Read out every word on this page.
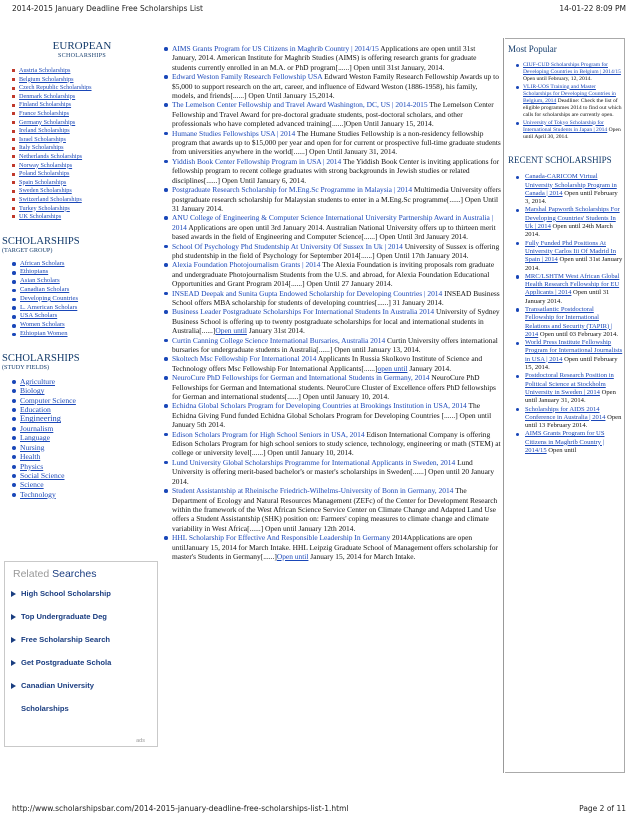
2014-2015 January Deadline Free Scholarships List	14-01-22 8:09 PM
EUROPEAN
SCHOLARSHIPS
Austria Scholarships
Belgium Scholarships
Czech Republic Scholarships
Denmark Scholarships
Finland Scholarships
France Scholarships
Germany Scholarships
Ireland Scholarships
Israel Scholarships
Italy Scholarships
Netherlands Scholarships
Norway Scholarships
Poland Scholarships
Spain Scholarships
Sweden Scholarships
Switzerland Scholarships
Turkey Scholarships
UK Scholarships
SCHOLARSHIPS
(TARGET GROUP)
African Scholars
Ethiopians
Asian Scholars
Canadian Scholars
Developing Countries
L. American Scholars
USA Scholars
Women Scholars
Ethiopian Women
SCHOLARSHIPS
(STUDY FIELDS)
Agriculture
Biology
Computer Science
Education
Engineering
Journalism
Language
Nursing
Health
Physics
Social Science
Science
Technology
Related Searches
High School Scholarship
Top Undergraduate Deg
Free Scholarship Search
Get Postgraduate Schola
Canadian University
Scholarships
ads
AIMS Grants Program for US Citizens in Maghrib Country | 2014/15 Applications are open until 31st January, 2014. American Institute for Maghrib Studies (AIMS) is offering research grants for graduate students currently enrolled in an M.A. or PhD program[......] Open until 31st January, 2014.
Edward Weston Family Research Fellowship USA Edward Weston Family Research Fellowship Awards up to $5,000 to support research on the art, career, and influence of Edward Weston (1886-1958), his family, models, and friends[......] Open Until January 15,2014.
The Lemelson Center Fellowship and Travel Award Washington, DC, US | 2014-2015 The Lemelson Center Fellowship and Travel Award for pre-doctoral graduate students, post-doctoral scholars, and other professionals who have completed advanced training[......]Open Until January 15, 2014.
Humane Studies Fellowships USA | 2014 The Humane Studies Fellowship is a non-residency fellowship program that awards up to $15,000 per year and open for for current or prospective full-time graduate students from universities anywhere in the world[......] Open Until January 31, 2014.
Yiddish Book Center Fellowship Program in USA | 2014 The Yiddish Book Center is inviting applications for fellowship program to recent college graduates with strong backgrounds in Jewish studies or related disciplines[......] Open Until January 6, 2014.
Postgraduate Research Scholarship for M.Eng.Sc Programme in Malaysia | 2014 Multimedia University offers postgraduate research scholarship for Malaysian students to enter in a M.Eng.Sc programme[......] Open Until 31 January 2014.
ANU College of Engineering & Computer Science International University Partnership Award in Australia | 2014 Applications are open until 3rd January 2014. Australian National University offers up to thirteen merit based awards in the field of Engineering and Computer Science[......] Open Until 3rd January 2014.
School Of Psychology Phd Studentship At University Of Sussex In Uk | 2014 University of Sussex is offering phd studentship in the field of Psychology for September 2014[......] Open Until 17th January 2014.
Alexia Foundation Photojournalism Grants | 2014 The Alexia Foundation is inviting proposals rom graduate and undergraduate Photojournalism Students from the U.S. and abroad, for Alexia Foundation Educational Opportunities and Grant Program 2014[......] Open Until 27 January 2014.
INSEAD Deepak and Sunita Gupta Endowed Scholarship for Developing Countries | 2014 INSEAD Business School offers MBA scholarship for students of developing countries[......] 31 January 2014.
Business Leader Postgraduate Scholarships For International Students In Australia 2014 University of Sydney Business School is offering up to twenty postgraduate scholarships for local and international students in Australia[......]Open until January 31st 2014.
Curtin Canning College Science International Bursaries, Australia 2014 Curtin University offers international bursaries for undergraduate students in Australia[......] Open until January 13, 2014.
Skoltech Msc Fellowship For International 2014 Applicants In Russia Skolkovo Institute of Science and Technology offers Msc Fellowship For International Applicants[......]open until January 2014.
NeuroCure PhD Fellowships for German and International Students in Germany, 2014 NeuroCure PhD Fellowships for German and International students. NeuroCure Cluster of Excellence offers PhD fellowships for German and international students[......] Open until January 10, 2014.
Echidna Global Scholars Program for Developing Countries at Brookings Institution in USA, 2014 The Echidna Giving Fund funded Echidna Global Scholars Program for Developing Countries [......] Open until January 5th 2014.
Edison Scholars Program for High School Seniors in USA, 2014 Edison International Company is offering Edison Scholars Program for high school seniors to study science, technology, engineering or math (STEM) at college or university level[......] Open until January 10, 2014.
Lund University Global Scholarships Programme for International Applicants in Sweden, 2014 Lund University is offering merit-based bachelor's or master's scholarships in Sweden[......] Open until 20 January 2014.
Student Assistantship at Rheinische Friedrich-Wilhelms-University of Bonn in Germany, 2014 The Department of Ecology and Natural Resources Management (ZEFc) of the Center for Development Research within the framework of the West African Science Service Center on Climate Change and Adapted Land Use offers a Student Assistantship (SHK) position on: Farmers' coping measures to climate change and climate variability in West Africa[......] Open until January 12th 2014.
HHL Scholarship For Effective And Responsible Leadership In Germany 2014Applications are open untilJanuary 15, 2014 for March Intake. HHL Leipzig Graduate School of Management offers scholarship for master's Students in Germany[......]Open until January 15, 2014 for March Intake.
Most Popular
CIUF-CUD Scholarships Program for Developing Countries in Belgium | 2014/15 Open until February, 12, 2014.
VLIR-UOS Training and Master Scholarships for Developing Countries in Belgium, 2014 Deadline: Check the list of eligible programmes 2014 to find out which calls for scholarships are currently open.
University of Tokyo Scholarship for International Students in Japan | 2014 Open until April 30, 2014.
RECENT SCHOLARSHIPS
Canada-CARICOM Virtual University Scholarship Program in Canada | 2014 Open until February 3, 2014.
Marshal Papworth Scholarships For Developing Countries' Students In Uk | 2014 Open until 24th March 2014.
Fully Funded Phd Positions At University Carlos Iii Of Madrid In Spain | 2014 Open until 31st January 2014.
MRC/LSHTM West African Global Health Research Fellowship for EU Applicants | 2014 Open until 31 January 2014.
Transatlantic Postdoctoral Fellowship for International Relations and Security (TAPIR) | 2014 Open until 03 February 2014.
World Press Institute Fellowship Program for International Journalists in USA | 2014 Open until February 15, 2014.
Postdoctoral Research Position in Political Science at Stockholm University in Sweden | 2014 Open until January 31, 2014.
Scholarships for AIDS 2014 Conference in Australia | 2014 Open until 13 February 2014.
AIMS Grants Program for US Citizens in Maghrib Country | 2014/15 Open until
http://www.scholarshipsbar.com/2014-2015-january-deadline-free-scholarships-list-1.html	Page 2 of 11
